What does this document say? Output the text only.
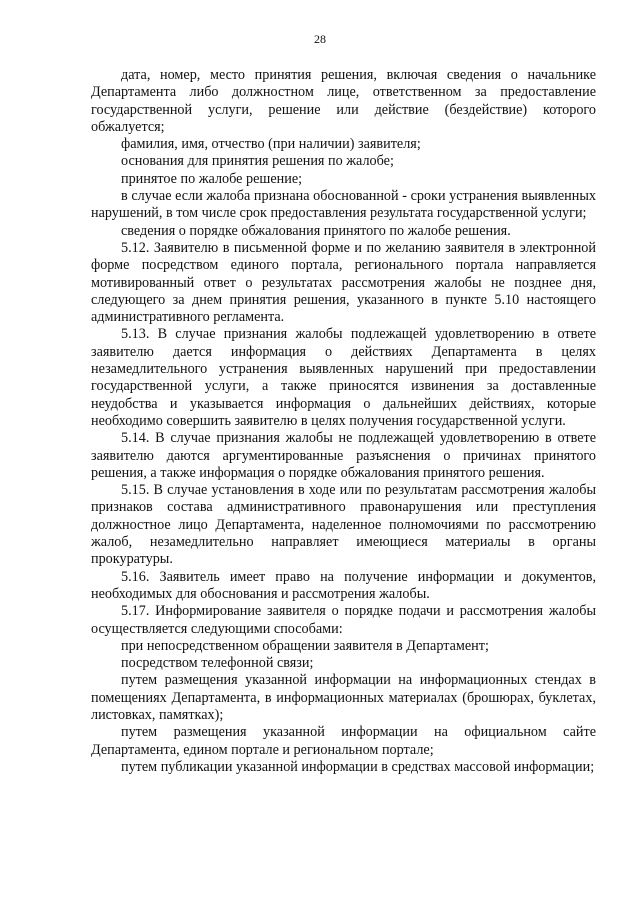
28

дата, номер, место принятия решения, включая сведения о начальнике Департамента либо должностном лице, ответственном за предоставление государственной услуги, решение или действие (бездействие) которого обжалуется;

фамилия, имя, отчество (при наличии) заявителя;

основания для принятия решения по жалобе;

принятое по жалобе решение;

в случае если жалоба признана обоснованной - сроки устранения выявленных нарушений, в том числе срок предоставления результата государственной услуги;

сведения о порядке обжалования принятого по жалобе решения.

5.12. Заявителю в письменной форме и по желанию заявителя в электронной форме посредством единого портала, регионального портала направляется мотивированный ответ о результатах рассмотрения жалобы не позднее дня, следующего за днем принятия решения, указанного в пункте 5.10 настоящего административного регламента.

5.13. В случае признания жалобы подлежащей удовлетворению в ответе заявителю дается информация о действиях Департамента в целях незамедлительного устранения выявленных нарушений при предоставлении государственной услуги, а также приносятся извинения за доставленные неудобства и указывается информация о дальнейших действиях, которые необходимо совершить заявителю в целях получения государственной услуги.

5.14. В случае признания жалобы не подлежащей удовлетворению в ответе заявителю даются аргументированные разъяснения о причинах принятого решения, а также информация о порядке обжалования принятого решения.

5.15. В случае установления в ходе или по результатам рассмотрения жалобы признаков состава административного правонарушения или преступления должностное лицо Департамента, наделенное полномочиями по рассмотрению жалоб, незамедлительно направляет имеющиеся материалы в органы прокуратуры.

5.16. Заявитель имеет право на получение информации и документов, необходимых для обоснования и рассмотрения жалобы.

5.17. Информирование заявителя о порядке подачи и рассмотрения жалобы осуществляется следующими способами:

при непосредственном обращении заявителя в Департамент;

посредством телефонной связи;

путем размещения указанной информации на информационных стендах в помещениях Департамента, в информационных материалах (брошюрах, буклетах, листовках, памятках);

путем размещения указанной информации на официальном сайте Департамента, едином портале и региональном портале;

путем публикации указанной информации в средствах массовой информации;
